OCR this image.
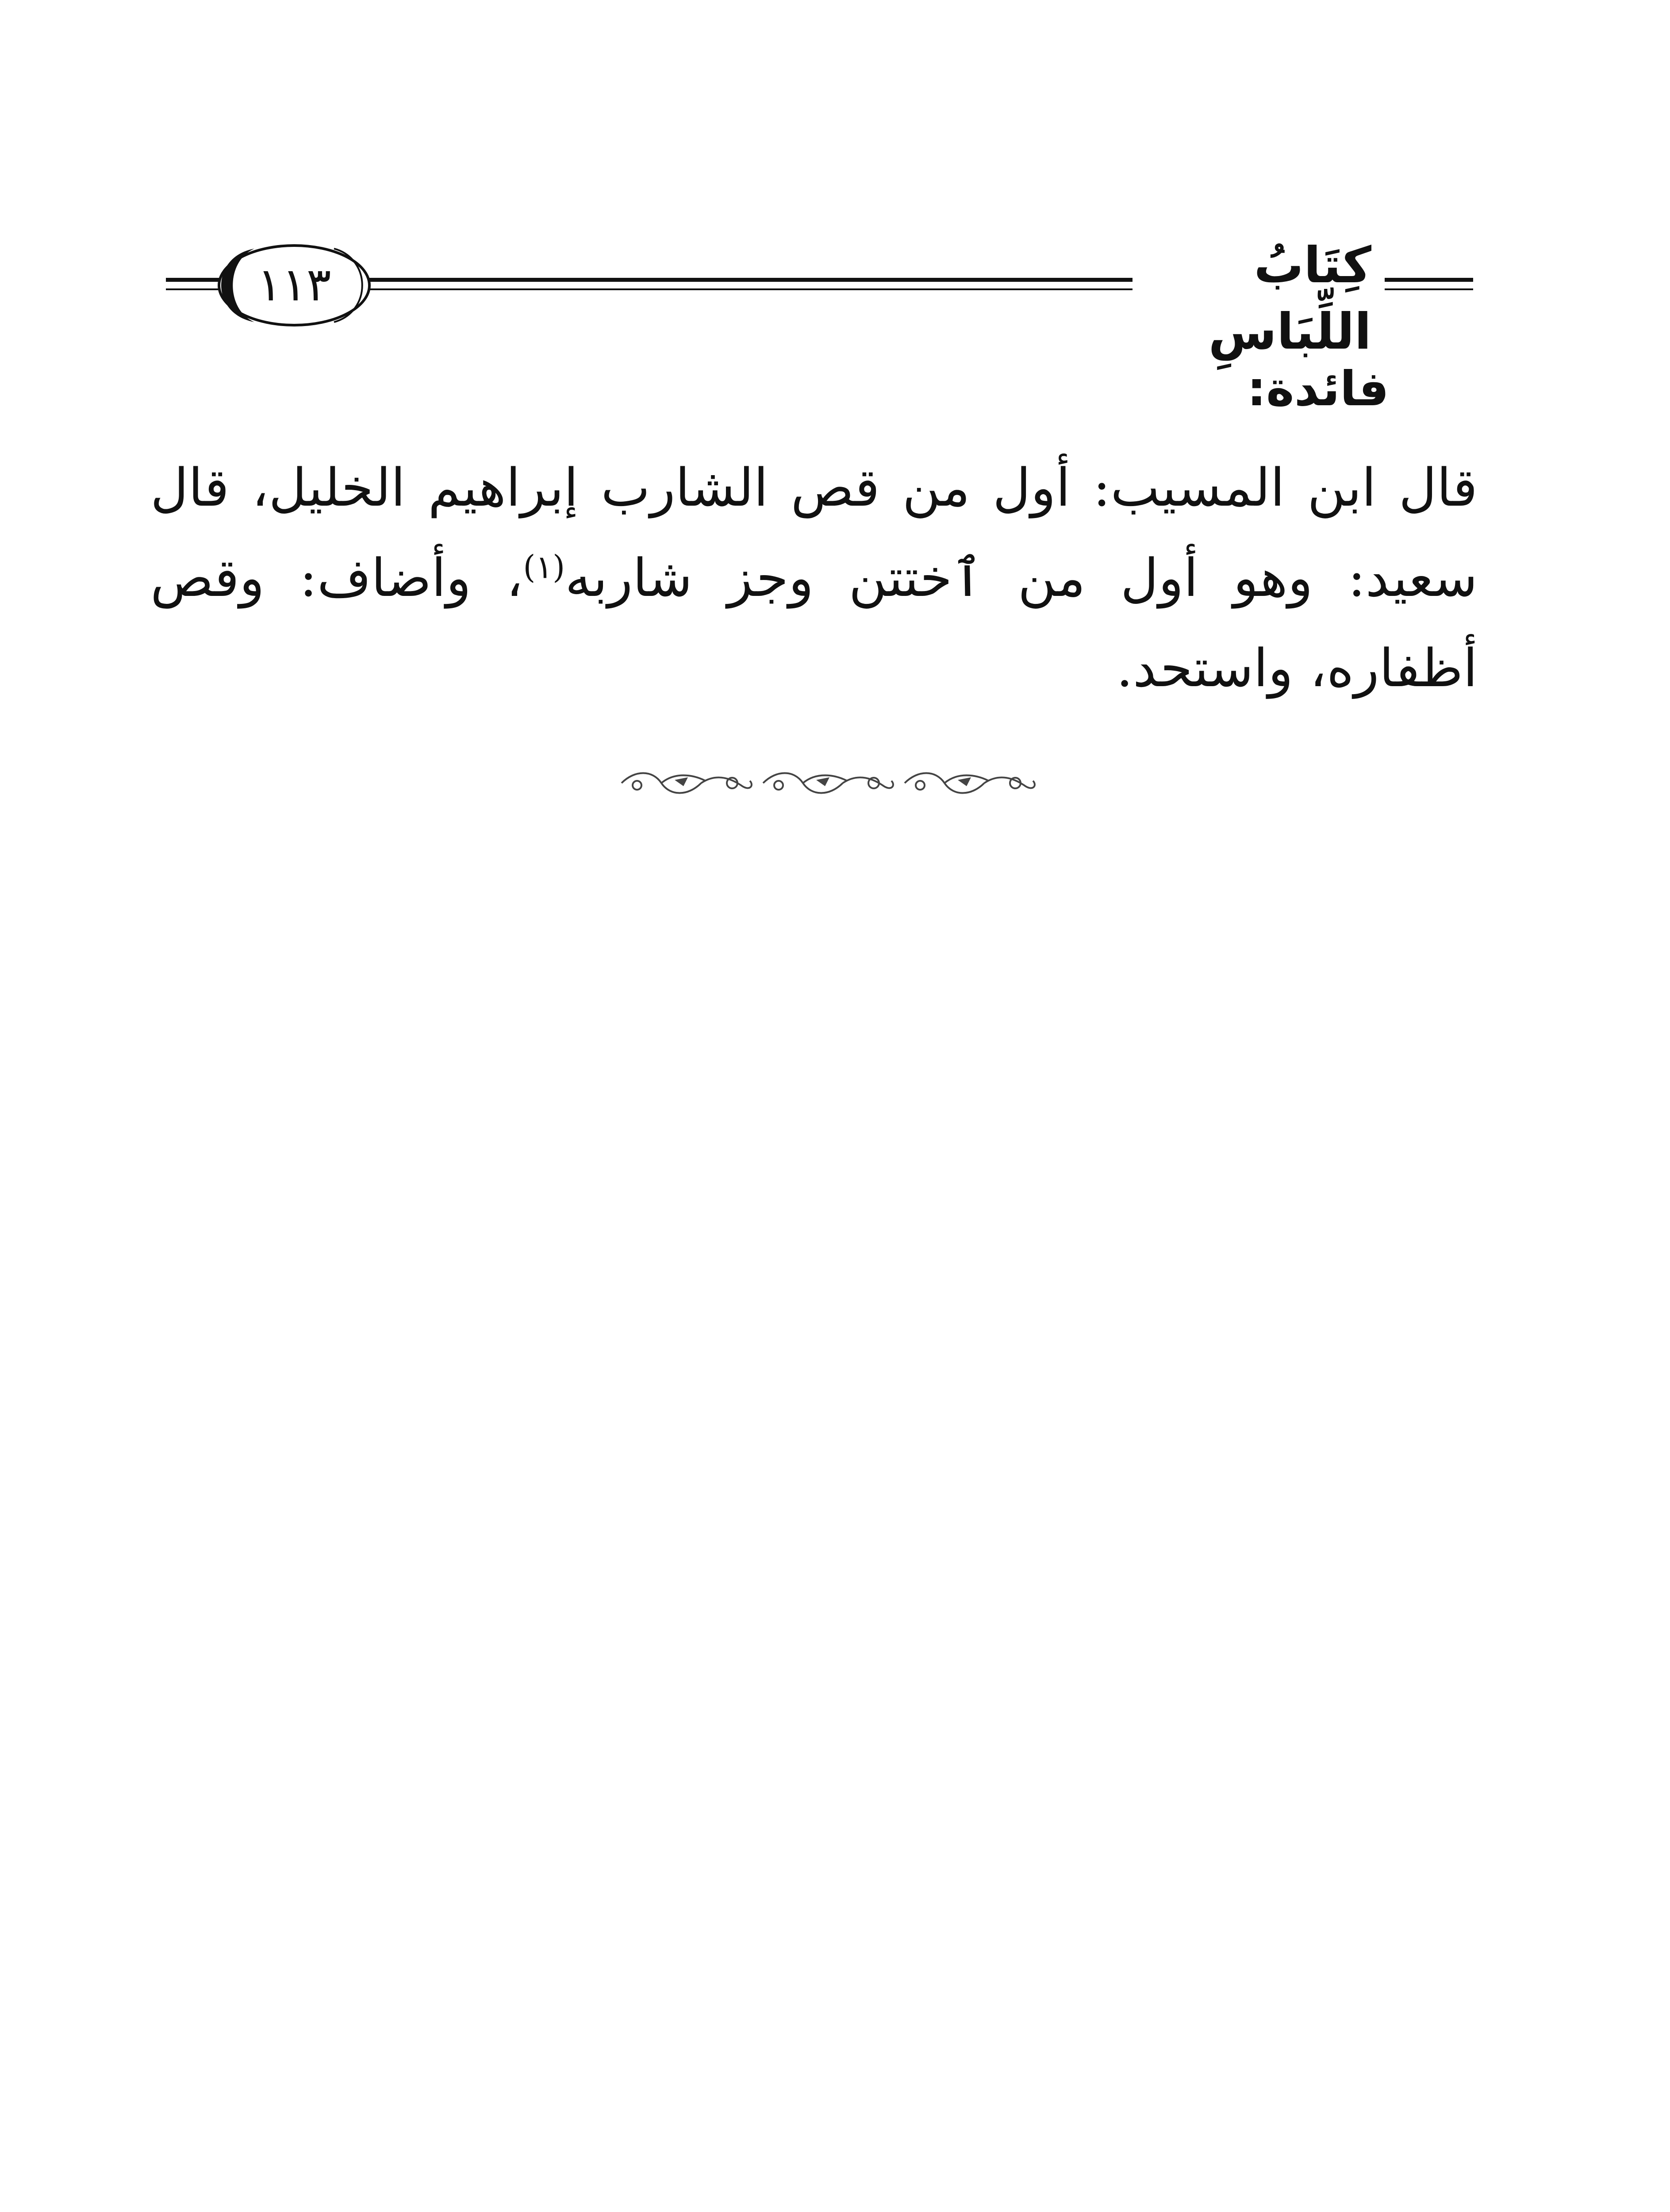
١١٣	كِتَابُ اللِّبَاسِ
فائدة:
قال ابن المسيب: أول من قص الشارب إبراهيم الخليل، قال سعيد: وهو أول من ٱختتن وجز شاربه$^{(١)}$، وأضاف: وقص أظفاره، واستحد.
